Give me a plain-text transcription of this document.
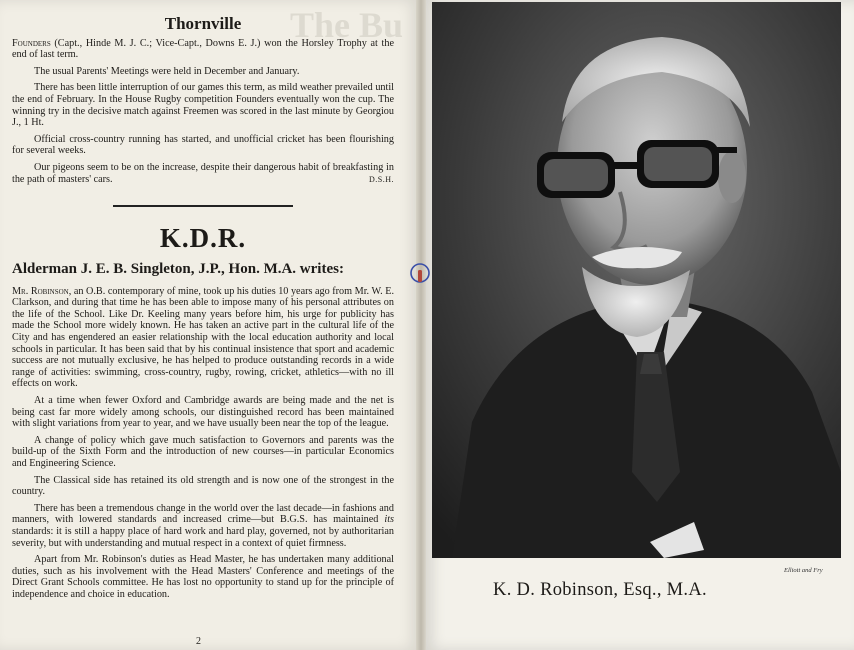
The Bu
Thornville

Founders (Capt., Hinde M. J. C.; Vice-Capt., Downs E. J.) won the Horsley Trophy at the end of last term.

The usual Parents' Meetings were held in December and January.

There has been little interruption of our games this term, as mild weather prevailed until the end of February. In the House Rugby competition Founders eventually won the cup. The winning try in the decisive match against Freemen was scored in the last minute by Georgiou J., 1 Ht.

Official cross-country running has started, and unofficial cricket has been flourishing for several weeks.

Our pigeons seem to be on the increase, despite their dangerous habit of breakfasting in the path of masters' cars.	D.S.H.

K.D.R.
Alderman J. E. B. Singleton, J.P., Hon. M.A. writes:

Mr. Robinson, an O.B. contemporary of mine, took up his duties 10 years ago from Mr. W. E. Clarkson, and during that time he has been able to impose many of his personal attributes on the life of the School. Like Dr. Keeling many years before him, his urge for publicity has made the School more widely known. He has taken an active part in the cultural life of the City and has engendered an easier relationship with the local education authority and local schools in particular. It has been said that by his continual insistence that sport and academic success are not mutually exclusive, he has helped to produce outstanding records in a wide range of activities: swimming, cross-country, rugby, rowing, cricket, athletics—with no ill effects on work.

At a time when fewer Oxford and Cambridge awards are being made and the net is being cast far more widely among schools, our distinguished record has been maintained with slight variations from year to year, and we have usually been near the top of the league.

A change of policy which gave much satisfaction to Governors and parents was the build-up of the Sixth Form and the introduction of new courses—in particular Economics and Engineering Science.

The Classical side has retained its old strength and is now one of the strongest in the country.

There has been a tremendous change in the world over the last decade—in fashions and manners, with lowered standards and increased crime—but B.G.S. has maintained its standards: it is still a happy place of hard work and hard play, governed, not by authoritarian severity, but with understanding and mutual respect in a context of quiet firmness.

Apart from Mr. Robinson's duties as Head Master, he has undertaken many additional duties, such as his involvement with the Head Masters' Conference and meetings of the Direct Grant Schools committee. He has lost no opportunity to stand up for the principle of independence and choice in education.

2
Elliott and Fry
K. D. Robinson, Esq., M.A.
